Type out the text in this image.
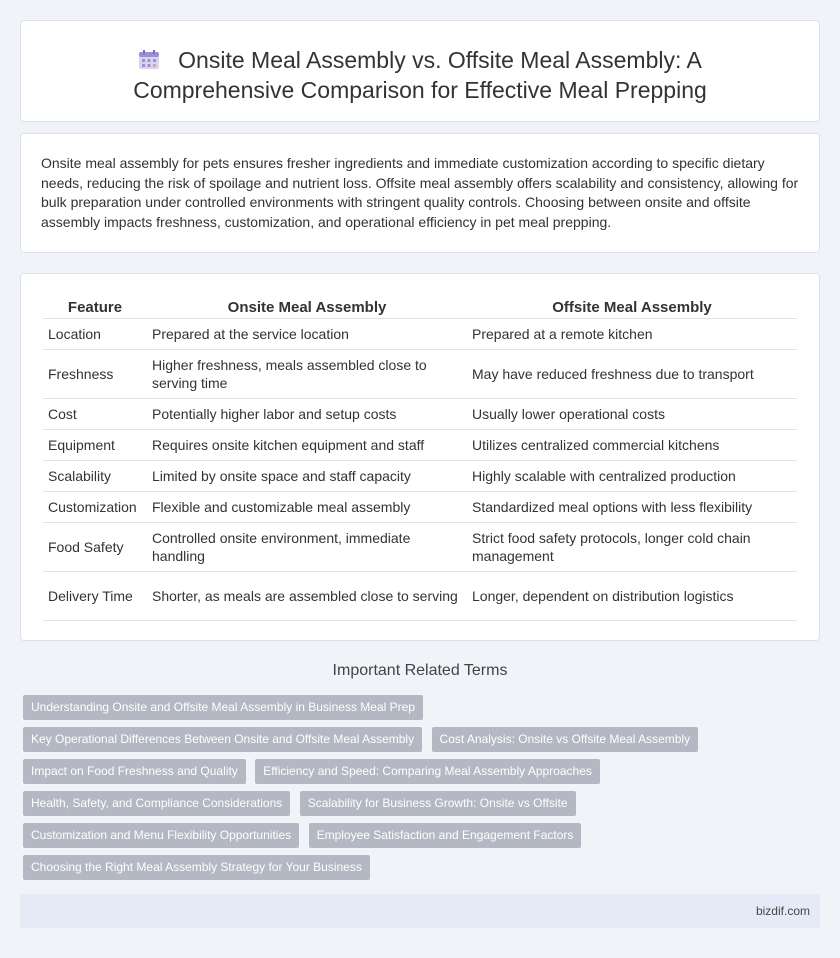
Onsite Meal Assembly vs. Offsite Meal Assembly: A
Comprehensive Comparison for Effective Meal Prepping

Onsite meal assembly for pets ensures fresher ingredients and immediate customization according to specific dietary needs, reducing the risk of spoilage and nutrient loss. Offsite meal assembly offers scalability and consistency, allowing for bulk preparation under controlled environments with stringent quality controls. Choosing between onsite and offsite assembly impacts freshness, customization, and operational efficiency in pet meal prepping.

Feature	Onsite Meal Assembly	Offsite Meal Assembly
Location	Prepared at the service location	Prepared at a remote kitchen
Freshness	Higher freshness, meals assembled close to serving time	May have reduced freshness due to transport
Cost	Potentially higher labor and setup costs	Usually lower operational costs
Equipment	Requires onsite kitchen equipment and staff	Utilizes centralized commercial kitchens
Scalability	Limited by onsite space and staff capacity	Highly scalable with centralized production
Customization	Flexible and customizable meal assembly	Standardized meal options with less flexibility
Food Safety	Controlled onsite environment, immediate handling	Strict food safety protocols, longer cold chain management
Delivery Time	Shorter, as meals are assembled close to serving	Longer, dependent on distribution logistics
Important Related Terms
Understanding Onsite and Offsite Meal Assembly in Business Meal Prep
Key Operational Differences Between Onsite and Offsite Meal Assembly Cost Analysis: Onsite vs Offsite Meal Assembly
Impact on Food Freshness and Quality Efficiency and Speed: Comparing Meal Assembly Approaches
Health, Safety, and Compliance Considerations Scalability for Business Growth: Onsite vs Offsite
Customization and Menu Flexibility Opportunities Employee Satisfaction and Engagement Factors
Choosing the Right Meal Assembly Strategy for Your Business
bizdif.com
